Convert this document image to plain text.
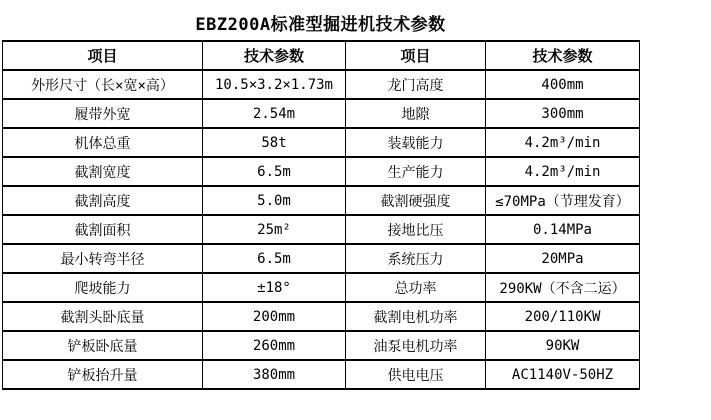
EBZ200A标准型掘进机技术参数
项目	技术参数	项目	技术参数
外形尺寸（长×宽×高）	10.5×3.2×1.73m	龙门高度	400mm
履带外宽	2.54m	地隙	300mm
机体总重	58t	装载能力	4.2m³/min
截割宽度	6.5m	生产能力	4.2m³/min
截割高度	5.0m	截割硬强度	≤70MPa（节理发育）
截割面积	25m²	接地比压	0.14MPa
最小转弯半径	6.5m	系统压力	20MPa
爬坡能力	±18°	总功率	290KW（不含二运）
截割头卧底量	200mm	截割电机功率	200/110KW
铲板卧底量	260mm	油泵电机功率	90KW
铲板抬升量	380mm	供电电压	AC1140V-50HZ
